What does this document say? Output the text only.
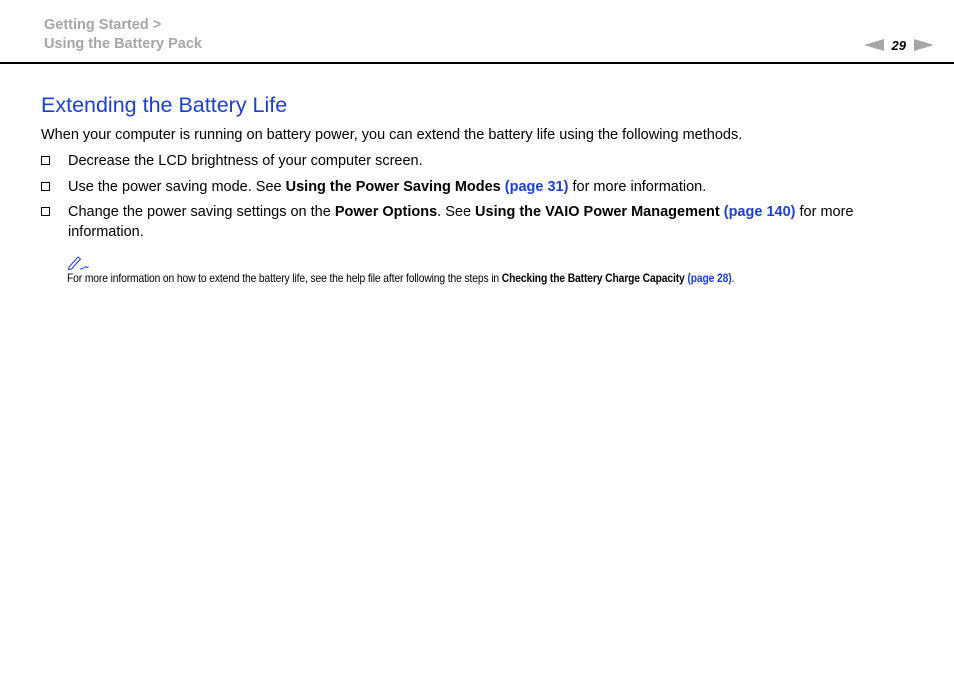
Getting Started >
Using the Battery Pack	29
Extending the Battery Life
When your computer is running on battery power, you can extend the battery life using the following methods.
Decrease the LCD brightness of your computer screen.
Use the power saving mode. See Using the Power Saving Modes (page 31) for more information.
Change the power saving settings on the Power Options. See Using the VAIO Power Management (page 140) for more information.
For more information on how to extend the battery life, see the help file after following the steps in Checking the Battery Charge Capacity (page 28).
